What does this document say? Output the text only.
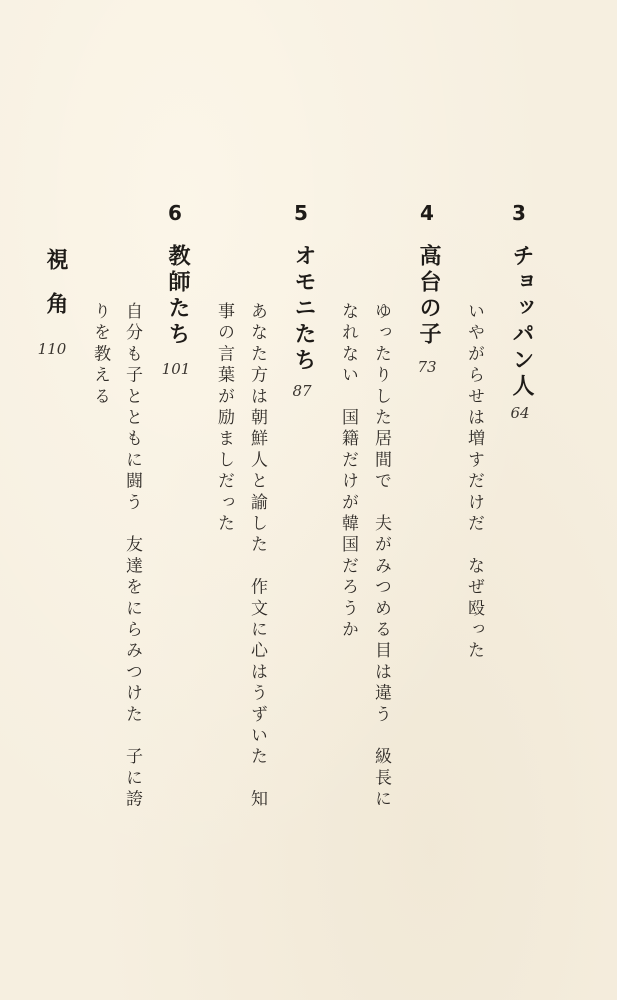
3
チョッパン人
64
いやがらせは増すだけだ　なぜ殴った
4
高台の子
73
ゆったりした居間で　夫がみつめる目は違う　級長に
なれない　国籍だけが韓国だろうか
5
オモニたち
87
あなた方は朝鮮人と諭した　作文に心はうずいた　知
事の言葉が励ましだった
6
教師たち
101
自分も子とともに闘う　友達をにらみつけた　子に誇
りを教える
視角
110
